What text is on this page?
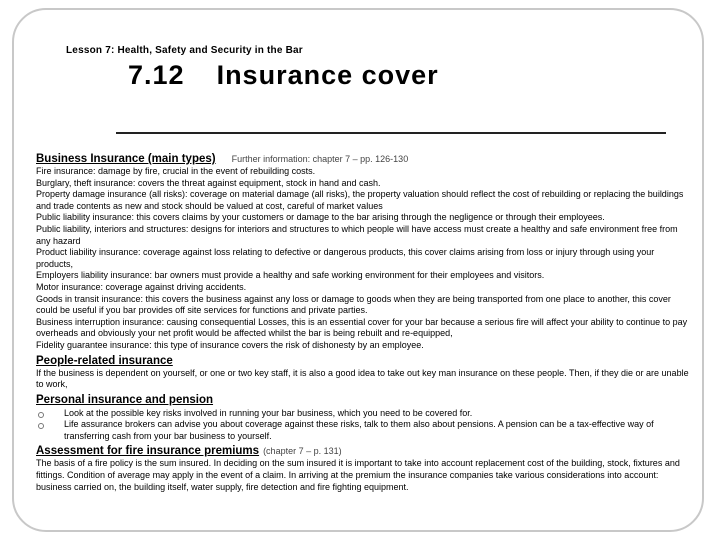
Lesson 7: Health, Safety and Security in the Bar
7.12 Insurance cover
Business Insurance (main types) Further information: chapter 7 – pp. 126-130

Fire insurance: damage by fire, crucial in the event of rebuilding costs.

Burglary, theft insurance: covers the threat against equipment, stock in hand and cash.

Property damage insurance (all risks): coverage on material damage (all risks), the property valuation should reflect the cost of rebuilding or replacing the buildings and trade contents as new and stock should be valued at cost, careful of market values

Public liability insurance: this covers claims by your customers or damage to the bar arising through the negligence or through their employees.

Public liability, interiors and structures: designs for interiors and structures to which people will have access must create a healthy and safe environment free from any hazard

Product liability insurance: coverage against loss relating to defective or dangerous products, this cover claims arising from loss or injury through using your products,

Employers liability insurance: bar owners must provide a healthy and safe working environment for their employees and visitors.

Motor insurance: coverage against driving accidents.

Goods in transit insurance: this covers the business against any loss or damage to goods when they are being transported from one place to another, this cover could be useful if you bar provides off site services for functions and private parties.

Business interruption insurance: causing consequential Losses, this is an essential cover for your bar because a serious fire will affect your ability to continue to pay overheads and obviously your net profit would be affected whilst the bar is being rebuilt and re-equipped,

Fidelity guarantee insurance: this type of insurance covers the risk of dishonesty by an employee.

People-related insurance

If the business is dependent on yourself, or one or two key staff, it is also a good idea to take out key man insurance on these people. Then, if they die or are unable to work,

Personal insurance and pension
Look at the possible key risks involved in running your bar business, which you need to be covered for.
Life assurance brokers can advise you about coverage against these risks, talk to them also about pensions. A pension can be a tax-effective way of transferring cash from your bar business to yourself.
Assessment for fire insurance premiums (chapter 7 – p. 131)

The basis of a fire policy is the sum insured. In deciding on the sum insured it is important to take into account replacement cost of the building, stock, fixtures and fittings. Condition of average may apply in the event of a claim. In arriving at the premium the insurance companies take various considerations into account: business carried on, the building itself, water supply, fire detection and fire fighting equipment.
